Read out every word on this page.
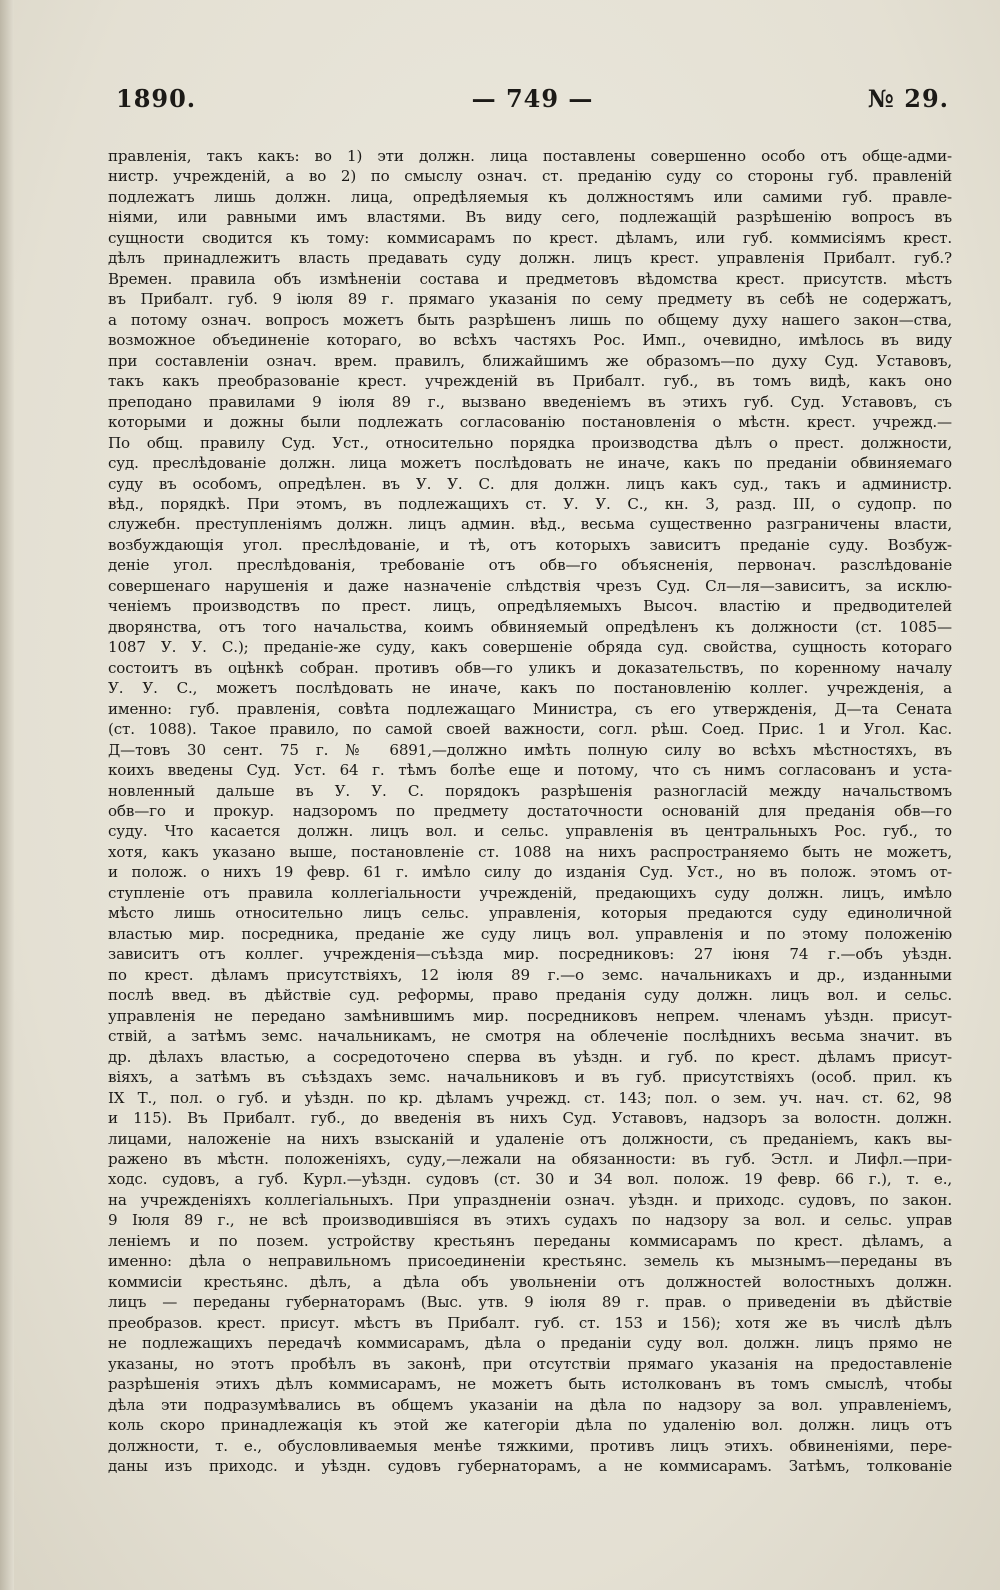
1890.	— 749 —	№ 29.
правленія, такъ какъ: во 1) эти должн. лица поставлены совершенно особо отъ обще-адми-
нистр. учрежденій, а во 2) по смыслу означ. ст. преданію суду со стороны губ. правленій
подлежатъ лишь должн. лица, опредѣляемыя къ должностямъ или самими губ. правле-
ніями, или равными имъ властями. Въ виду сего, подлежащій разрѣшенію вопросъ въ
сущности сводится къ тому: коммисарамъ по крест. дѣламъ, или губ. коммисіямъ крест.
дѣлъ принадлежитъ власть предавать суду должн. лицъ крест. управленія Прибалт. губ.?
Времен. правила объ измѣненіи состава и предметовъ вѣдомства крест. присутств. мѣстъ
въ Прибалт. губ. 9 іюля 89 г. прямаго указанія по сему предмету въ себѣ не содержатъ,
а потому означ. вопросъ можетъ быть разрѣшенъ лишь по общему духу нашего закон—ства,
возможное объединеніе котораго, во всѣхъ частяхъ Рос. Имп., очевидно, имѣлось въ виду
при составленіи означ. врем. правилъ, ближайшимъ же образомъ—по духу Суд. Уставовъ,
такъ какъ преобразованіе крест. учрежденій въ Прибалт. губ., въ томъ видѣ, какъ оно
преподано правилами 9 іюля 89 г., вызвано введеніемъ въ этихъ губ. Суд. Уставовъ, съ
которыми и дожны были подлежать согласованію постановленія о мѣстн. крест. учрежд.—
По общ. правилу Суд. Уст., относительно порядка производства дѣлъ о прест. должности,
суд. преслѣдованіе должн. лица можетъ послѣдовать не иначе, какъ по преданіи обвиняемаго
суду въ особомъ, опредѣлен. въ У. У. С. для должн. лицъ какъ суд., такъ и администр.
вѣд., порядкѣ. При этомъ, въ подлежащихъ ст. У. У. С., кн. 3, разд. III, о судопр. по
служебн. преступленіямъ должн. лицъ админ. вѣд., весьма существенно разграничены власти,
возбуждающія угол. преслѣдованіе, и тѣ, отъ которыхъ зависитъ преданіе суду. Возбуж-
деніе угол. преслѣдованія, требованіе отъ обв—го объясненія, первонач. разслѣдованіе
совершенаго нарушенія и даже назначеніе слѣдствія чрезъ Суд. Сл—ля—зависитъ, за исклю-
ченіемъ производствъ по прест. лицъ, опредѣляемыхъ Высоч. властію и предводителей
дворянства, отъ того начальства, коимъ обвиняемый опредѣленъ къ должности (ст. 1085—
1087 У. У. С.); преданіе-же суду, какъ совершеніе обряда суд. свойства, сущность котораго
состоитъ въ оцѣнкѣ собран. противъ обв—го уликъ и доказательствъ, по коренному началу
У. У. С., можетъ послѣдовать не иначе, какъ по постановленію коллег. учрежденія, а
именно: губ. правленія, совѣта подлежащаго Министра, съ его утвержденія, Д—та Сената
(ст. 1088). Такое правило, по самой своей важности, согл. рѣш. Соед. Прис. 1 и Угол. Кас.
Д—товъ 30 сент. 75 г. № 6891,—должно имѣть полную силу во всѣхъ мѣстностяхъ, въ
коихъ введены Суд. Уст. 64 г. тѣмъ болѣе еще и потому, что съ нимъ согласованъ и уста-
новленный дальше въ У. У. С. порядокъ разрѣшенія разногласій между начальствомъ
обв—го и прокур. надзоромъ по предмету достаточности основаній для преданія обв—го
суду. Что касается должн. лицъ вол. и сельс. управленія въ центральныхъ Рос. губ., то
хотя, какъ указано выше, постановленіе ст. 1088 на нихъ распространяемо быть не можетъ,
и полож. о нихъ 19 февр. 61 г. имѣло силу до изданія Суд. Уст., но въ полож. этомъ от-
ступленіе отъ правила коллегіальности учрежденій, предающихъ суду должн. лицъ, имѣло
мѣсто лишь относительно лицъ сельс. управленія, которыя предаются суду единоличной
властью мир. посредника, преданіе же суду лицъ вол. управленія и по этому положенію
зависитъ отъ коллег. учрежденія—съѣзда мир. посредниковъ: 27 іюня 74 г.—объ уѣздн.
по крест. дѣламъ присутствіяхъ, 12 іюля 89 г.—о земс. начальникахъ и др., изданными
послѣ введ. въ дѣйствіе суд. реформы, право преданія суду должн. лицъ вол. и сельс.
управленія не передано замѣнившимъ мир. посредниковъ непрем. членамъ уѣздн. присут-
ствій, а затѣмъ земс. начальникамъ, не смотря на облеченіе послѣднихъ весьма значит. въ
др. дѣлахъ властью, а сосредоточено сперва въ уѣздн. и губ. по крест. дѣламъ присут-
віяхъ, а затѣмъ въ съѣздахъ земс. начальниковъ и въ губ. присутствіяхъ (особ. прил. къ
IX Т., пол. о губ. и уѣздн. по кр. дѣламъ учрежд. ст. 143; пол. о зем. уч. нач. ст. 62, 98
и 115). Въ Прибалт. губ., до введенія въ нихъ Суд. Уставовъ, надзоръ за волостн. должн.
лицами, наложеніе на нихъ взысканій и удаленіе отъ должности, съ преданіемъ, какъ вы-
ражено въ мѣстн. положеніяхъ, суду,—лежали на обязанности: въ губ. Эстл. и Лифл.—при-
ходс. судовъ, а губ. Курл.—уѣздн. судовъ (ст. 30 и 34 вол. полож. 19 февр. 66 г.), т. е.,
на учрежденіяхъ коллегіальныхъ. При упраздненіи означ. уѣздн. и приходс. судовъ, по закон.
9 Іюля 89 г., не всѣ производившіяся въ этихъ судахъ по надзору за вол. и сельс. управ
леніемъ и по позем. устройству крестьянъ переданы коммисарамъ по крест. дѣламъ, а
именно: дѣла о неправильномъ присоединеніи крестьянс. земель къ мызнымъ—переданы въ
коммисіи крестьянс. дѣлъ, а дѣла объ увольненіи отъ должностей волостныхъ должн.
лицъ — переданы губернаторамъ (Выс. утв. 9 іюля 89 г. прав. о приведеніи въ дѣйствіе
преобразов. крест. присут. мѣстъ въ Прибалт. губ. ст. 153 и 156); хотя же въ числѣ дѣлъ
не подлежащихъ передачѣ коммисарамъ, дѣла о преданіи суду вол. должн. лицъ прямо не
указаны, но этотъ пробѣлъ въ законѣ, при отсутствіи прямаго указанія на предоставленіе
разрѣшенія этихъ дѣлъ коммисарамъ, не можетъ быть истолкованъ въ томъ смыслѣ, чтобы
дѣла эти подразумѣвались въ общемъ указаніи на дѣла по надзору за вол. управленіемъ,
коль скоро принадлежація къ этой же категоріи дѣла по удаленію вол. должн. лицъ отъ
должности, т. е., обусловливаемыя менѣе тяжкими, противъ лицъ этихъ. обвиненіями, пере-
даны изъ приходс. и уѣздн. судовъ губернаторамъ, а не коммисарамъ. Затѣмъ, толкованіе
